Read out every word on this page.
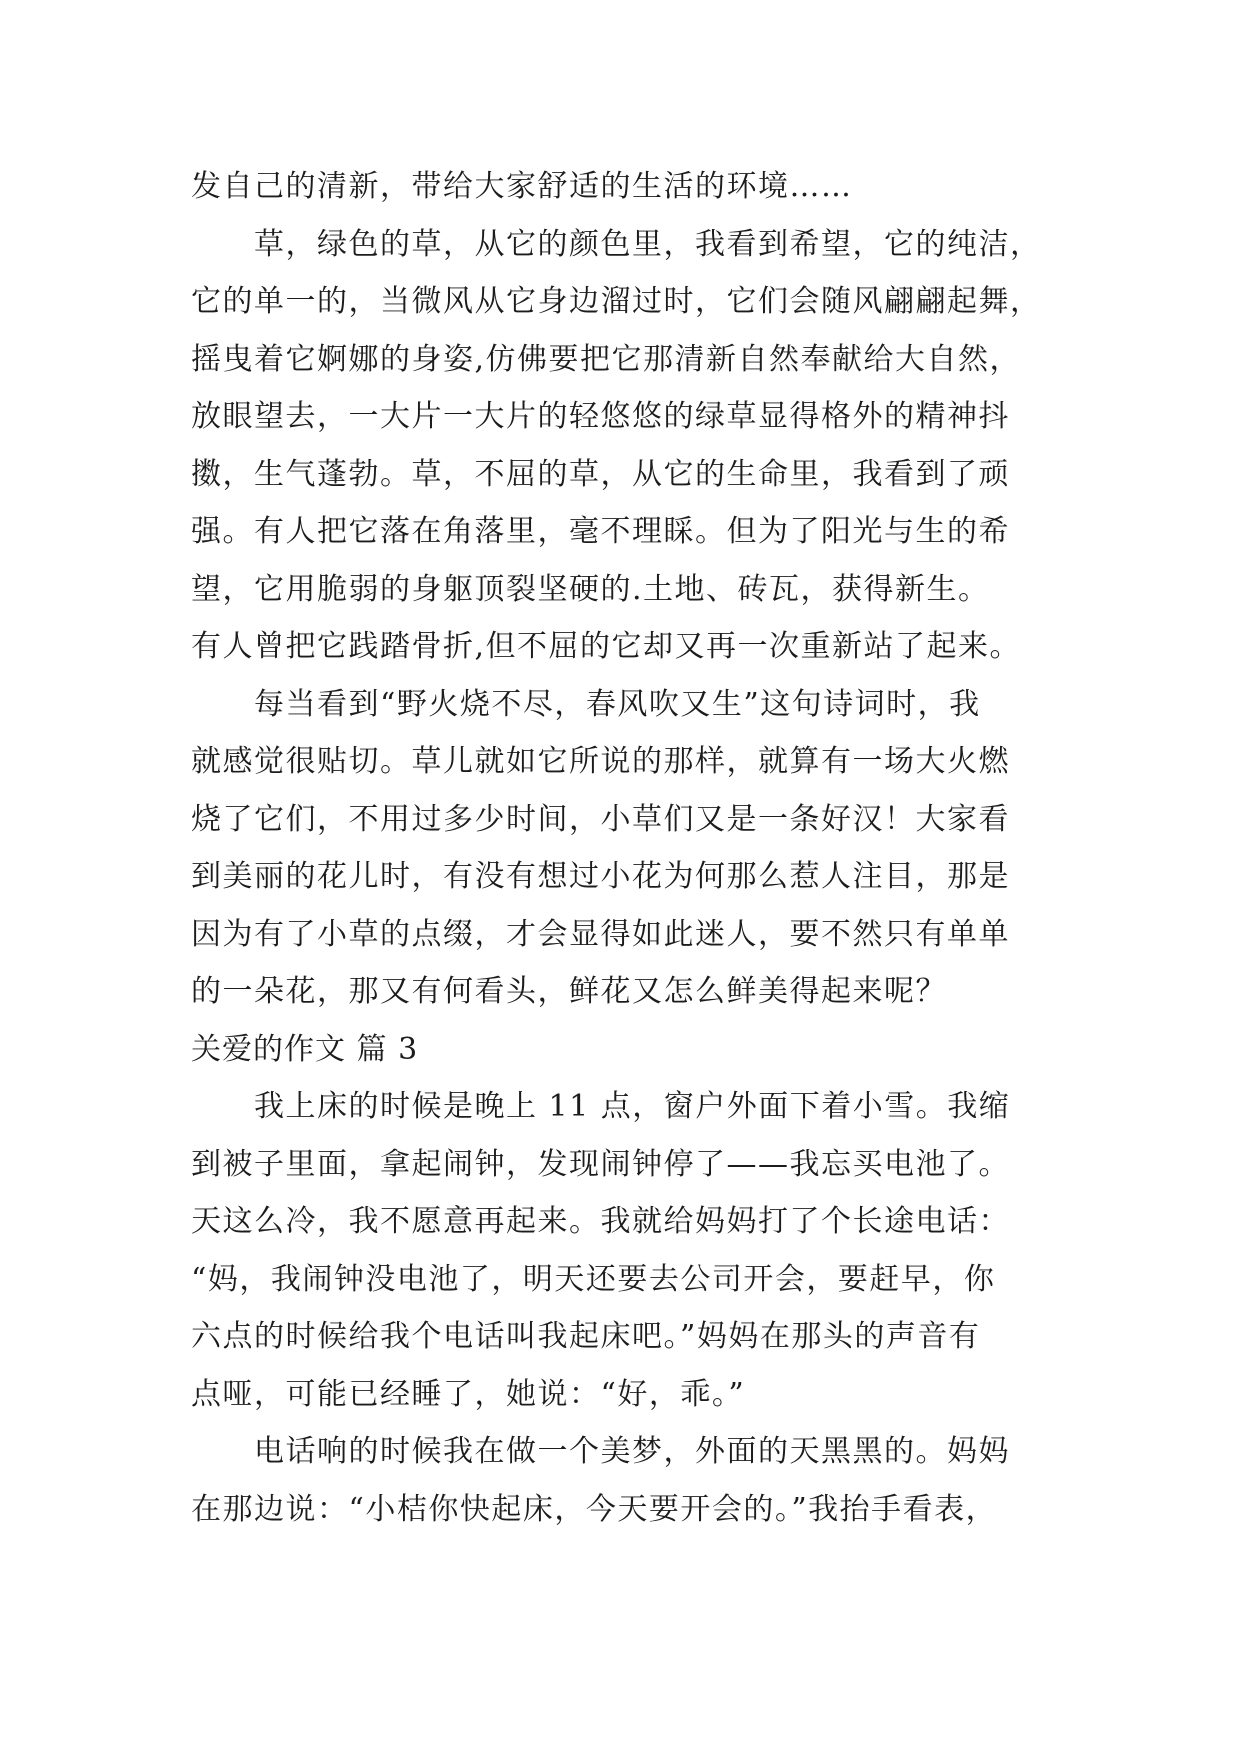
发自己的清新，带给大家舒适的生活的环境……

草，绿色的草，从它的颜色里，我看到希望，它的纯洁，

它的单一的，当微风从它身边溜过时，它们会随风翩翩起舞，

摇曳着它婀娜的身姿,仿佛要把它那清新自然奉献给大自然，

放眼望去，一大片一大片的轻悠悠的绿草显得格外的精神抖

擞，生气蓬勃。草，不屈的草，从它的生命里，我看到了顽

强。有人把它落在角落里，毫不理睬。但为了阳光与生的希

望，它用脆弱的身躯顶裂坚硬的.土地、砖瓦，获得新生。

有人曾把它践踏骨折,但不屈的它却又再一次重新站了起来。

每当看到“野火烧不尽，春风吹又生”这句诗词时，我

就感觉很贴切。草儿就如它所说的那样，就算有一场大火燃

烧了它们，不用过多少时间，小草们又是一条好汉！大家看

到美丽的花儿时，有没有想过小花为何那么惹人注目，那是

因为有了小草的点缀，才会显得如此迷人，要不然只有单单

的一朵花，那又有何看头，鲜花又怎么鲜美得起来呢？

关爱的作文 篇 3

我上床的时候是晚上 11 点，窗户外面下着小雪。我缩

到被子里面，拿起闹钟，发现闹钟停了——我忘买电池了。

天这么冷，我不愿意再起来。我就给妈妈打了个长途电话：

“妈，我闹钟没电池了，明天还要去公司开会，要赶早，你

六点的时候给我个电话叫我起床吧。”妈妈在那头的声音有

点哑，可能已经睡了，她说：“好，乖。”

电话响的时候我在做一个美梦，外面的天黑黑的。妈妈

在那边说：“小桔你快起床，今天要开会的。”我抬手看表，
